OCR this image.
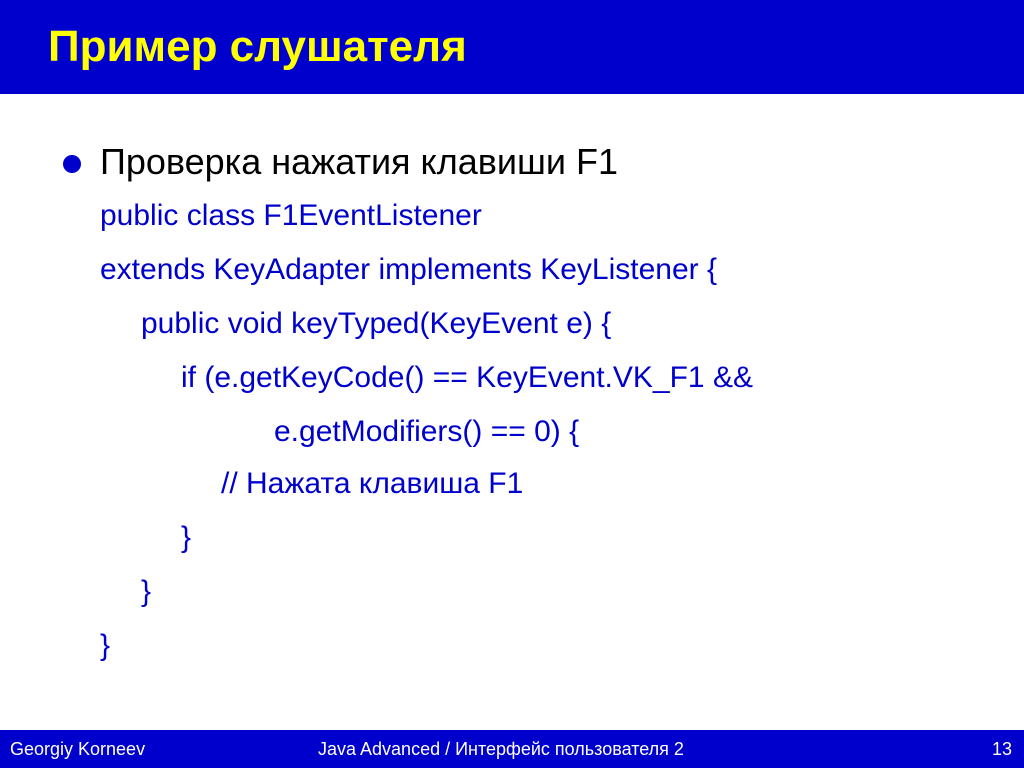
Пример слушателя
Проверка нажатия клавиши F1
public class F1EventListener
extends KeyAdapter implements KeyListener {
public void keyTyped(KeyEvent e) {
if (e.getKeyCode() == KeyEvent.VK_F1 &&
e.getModifiers() == 0) {
// Нажата клавиша F1
}
}
}
Georgiy Korneev	Java Advanced / Интерфейс пользователя 2	13
